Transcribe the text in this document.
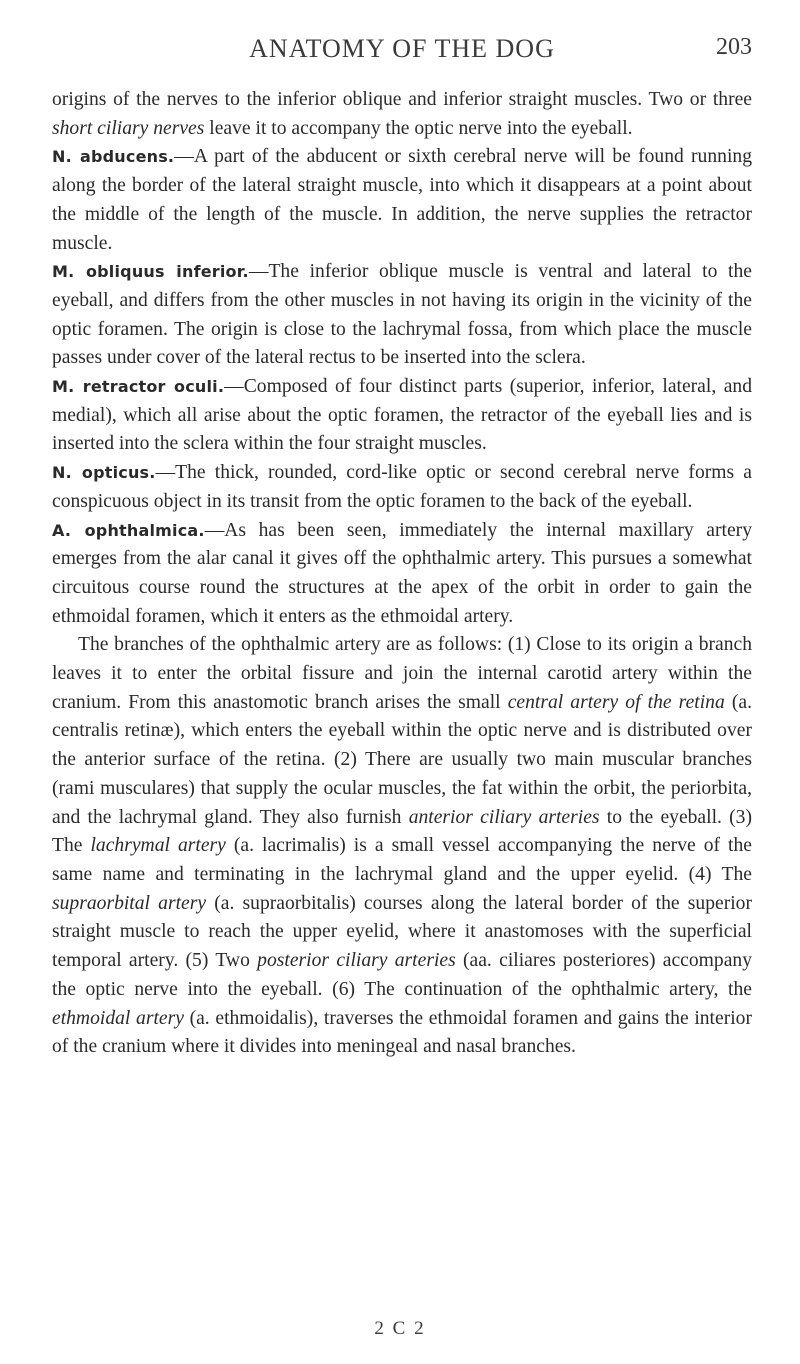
ANATOMY OF THE DOG	203

origins of the nerves to the inferior oblique and inferior straight muscles. Two or three short ciliary nerves leave it to accompany the optic nerve into the eyeball.

N. abducens.—A part of the abducent or sixth cerebral nerve will be found running along the border of the lateral straight muscle, into which it disappears at a point about the middle of the length of the muscle. In addition, the nerve supplies the retractor muscle.

M. obliquus inferior.—The inferior oblique muscle is ventral and lateral to the eyeball, and differs from the other muscles in not having its origin in the vicinity of the optic foramen. The origin is close to the lachrymal fossa, from which place the muscle passes under cover of the lateral rectus to be inserted into the sclera.

M. retractor oculi.—Composed of four distinct parts (superior, inferior, lateral, and medial), which all arise about the optic foramen, the retractor of the eyeball lies and is inserted into the sclera within the four straight muscles.

N. opticus.—The thick, rounded, cord-like optic or second cerebral nerve forms a conspicuous object in its transit from the optic foramen to the back of the eyeball.

A. ophthalmica.—As has been seen, immediately the internal maxillary artery emerges from the alar canal it gives off the ophthalmic artery. This pursues a somewhat circuitous course round the structures at the apex of the orbit in order to gain the ethmoidal foramen, which it enters as the ethmoidal artery.

The branches of the ophthalmic artery are as follows: (1) Close to its origin a branch leaves it to enter the orbital fissure and join the internal carotid artery within the cranium. From this anastomotic branch arises the small central artery of the retina (a. centralis retinæ), which enters the eyeball within the optic nerve and is distributed over the anterior surface of the retina. (2) There are usually two main muscular branches (rami musculares) that supply the ocular muscles, the fat within the orbit, the periorbita, and the lachrymal gland. They also furnish anterior ciliary arteries to the eyeball. (3) The lachrymal artery (a. lacrimalis) is a small vessel accompanying the nerve of the same name and terminating in the lachrymal gland and the upper eyelid. (4) The supraorbital artery (a. supraorbitalis) courses along the lateral border of the superior straight muscle to reach the upper eyelid, where it anastomoses with the superficial temporal artery. (5) Two posterior ciliary arteries (aa. ciliares posteriores) accompany the optic nerve into the eyeball. (6) The continuation of the ophthalmic artery, the ethmoidal artery (a. ethmoidalis), traverses the ethmoidal foramen and gains the interior of the cranium where it divides into meningeal and nasal branches.

2 C 2
